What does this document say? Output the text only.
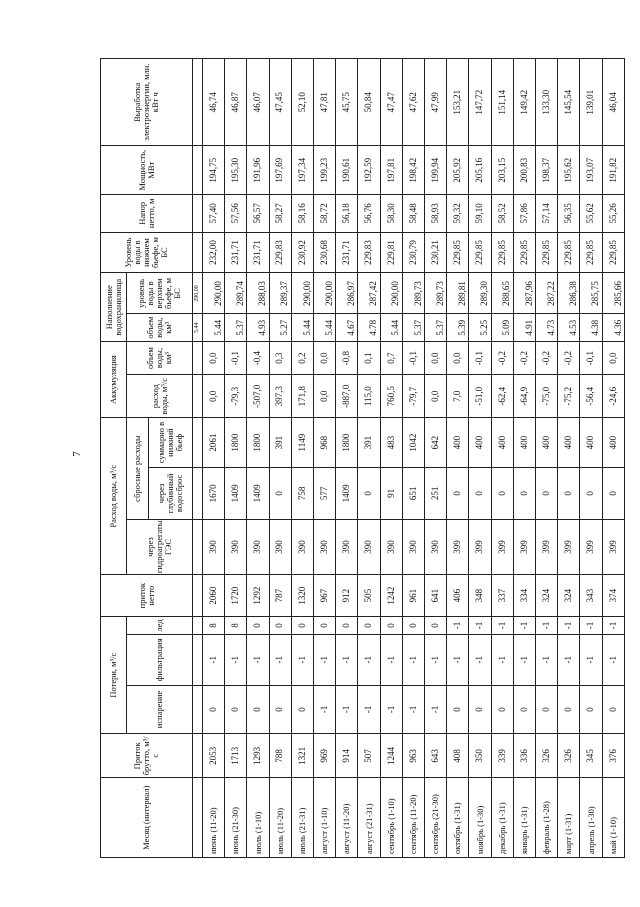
7
Месяц (интервал)	Приток брутто, м³/с	Потери, м³/с			приток нетто	Расход воды, м³/с			Аккумуляция		Наполнение водохранилища		Уровень воды в нижнем бьефе, м БС	Напор нетто, м	Мощность, МВт	Выработка электроэнергии, млн. кВт ч
		испарение	фильтрация	лед		через гидроагрегаты ГЭС	сбросные расходы		расход воды, м³/с	объем воды, км³	объем воды, км³	уровень воды в верхнем бьефе, м БС				
							через глубинный водосброс	суммарно в нижний бьеф								
											5.44	290,00				
июнь (11-20)	2053	0	-1	8	2060	390	1670	2061	0,0	0,0	5.44	290,00	232,00	57,40	194,75	46,74
июнь (21-30)	1713	0	-1	8	1720	390	1409	1800	-79,3	-0,1	5.37	289,74	231,71	57,56	195,30	46,87
июль (1-10)	1293	0	-1	0	1292	390	1409	1800	-507,0	-0,4	4.93	288,03	231,71	56,57	191,96	46,07
июль (11-20)	788	0	-1	0	787	390	0	391	397,3	0,3	5.27	289,37	229,83	58,27	197,69	47,45
июль (21-31)	1321	0	-1	0	1320	390	758	1149	171,8	0,2	5.44	290,00	230,92	58,16	197,34	52,10
август (1-10)	969	-1	-1	0	967	390	577	968	0,0	0,0	5.44	290,00	230,68	58,72	199,23	47,81
август (11-20)	914	-1	-1	0	912	390	1409	1800	-887,0	-0,8	4.67	286,97	231,71	56,18	190,61	45,75
август (21-31)	507	-1	-1	0	505	390	0	391	115,0	0,1	4.78	287,42	229,83	56,76	192,59	50,84
сентябрь (1-10)	1244	-1	-1	0	1242	390	91	483	760,5	0,7	5.44	290,00	229,81	58,30	197,81	47,47
сентябрь (11-20)	963	-1	-1	0	961	390	651	1042	-79,7	-0,1	5.37	289,73	230,79	58,48	198,42	47,62
сентябрь (21-30)	643	-1	-1	0	641	390	251	642	0,0	0,0	5.37	289,73	230,21	58,93	199,94	47,99
октябрь (1-31)	408	0	-1	-1	406	399	0	400	7,0	0,0	5.39	289,81	229,85	59,32	205,92	153,21
ноябрь (1-30)	350	0	-1	-1	348	399	0	400	-51,0	-0,1	5.25	289,30	229,85	59,10	205,16	147,72
декабрь (1-31)	339	0	-1	-1	337	399	0	400	-62,4	-0,2	5.09	288,65	229,85	58,52	203,15	151,14
январь (1-31)	336	0	-1	-1	334	399	0	400	-64,9	-0,2	4.91	287,96	229,85	57,86	200,83	149,42
февраль (1-28)	326	0	-1	-1	324	399	0	400	-75,0	-0,2	4.73	287,22	229,85	57,14	198,37	133,30
март (1-31)	326	0	-1	-1	324	399	0	400	-75,2	-0,2	4.53	286,38	229,85	56,35	195,62	145,54
апрель (1-30)	345	0	-1	-1	343	399	0	400	-56,4	-0,1	4.38	285,75	229,85	55,62	193,07	139,01
май (1-10)	376	0	-1	-1	374	399	0	400	-24,6	0,0	4.36	285,66	229,85	55,26	191,82	46,04
